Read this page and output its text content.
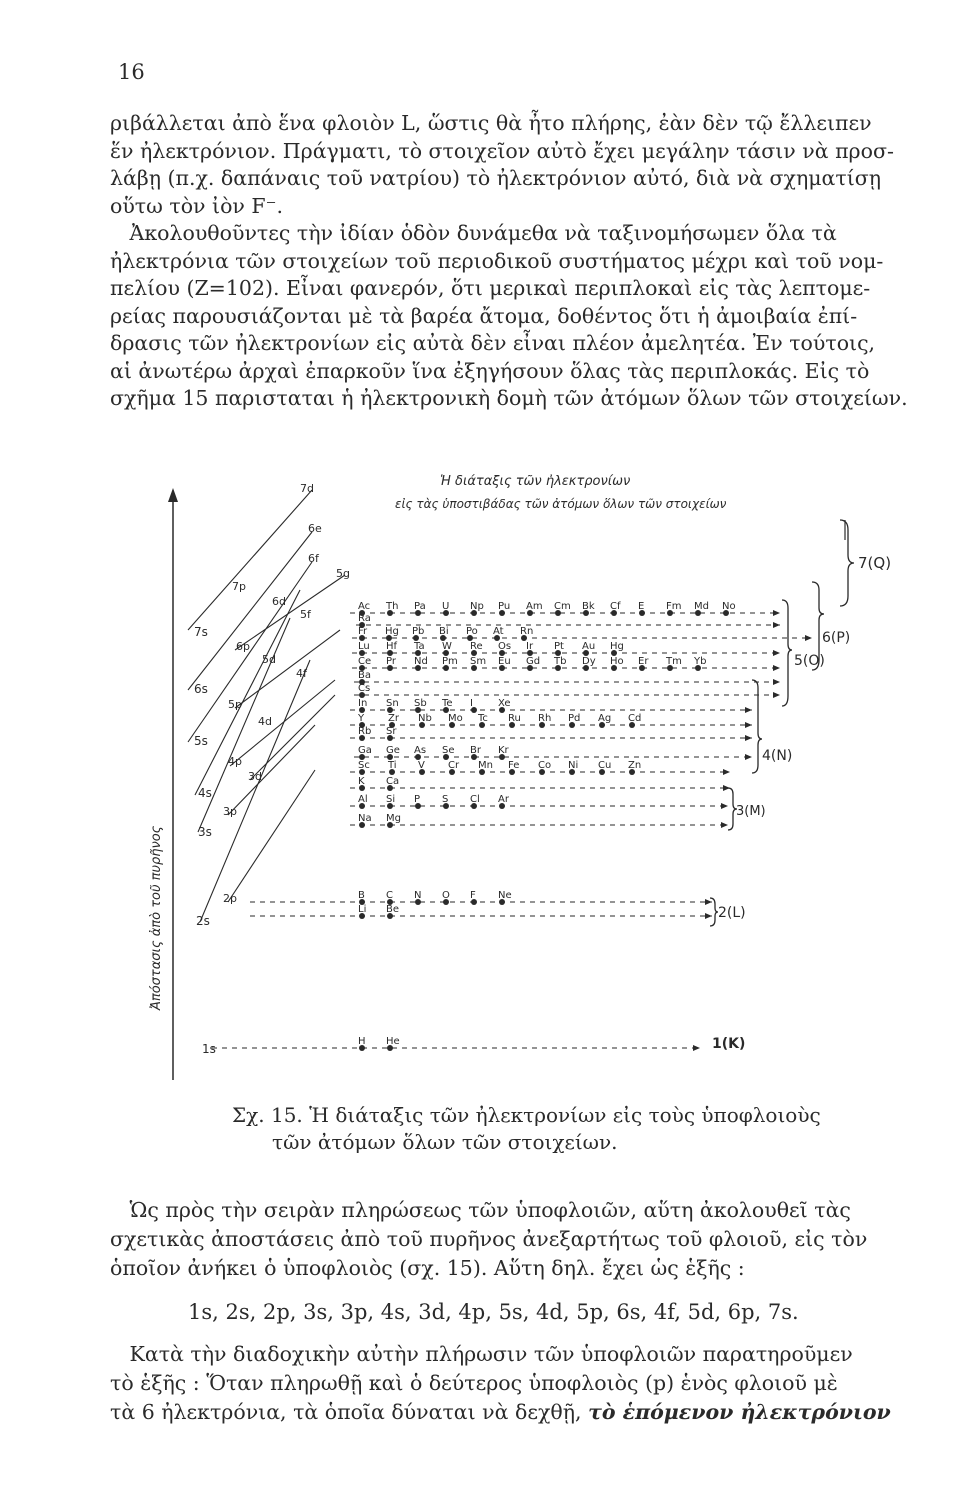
16
ριβάλλεται ἀπὸ ἕνα φλοιὸν L, ὥστις θὰ ἦτο πλήρης, ἐὰν δὲν τῷ ἔλλειπεν
ἕν ἠλεκτρόνιον. Πράγματι, τὸ στοιχεῖον αὐτὸ ἔχει μεγάλην τάσιν νὰ προσ-
λάβῃ (π.χ. δαπάναις τοῦ νατρίου) τὸ ἠλεκτρόνιον αὐτό, διὰ νὰ σχηματίσῃ
οὕτω τὸν ἰὸν F⁻.
Ἀκολουθοῦντες τὴν ἰδίαν ὁδὸν δυνάμεθα νὰ ταξινομήσωμεν ὅλα τὰ
ἠλεκτρόνια τῶν στοιχείων τοῦ περιοδικοῦ συστήματος μέχρι καὶ τοῦ νομ-
πελίου (Z=102). Εἶναι φανερόν, ὅτι μερικαὶ περιπλοκαὶ εἰς τὰς λεπτομε-
ρείας παρουσιάζονται μὲ τὰ βαρέα ἄτομα, δοθέντος ὅτι ἡ ἀμοιβαία ἐπί-
δρασις τῶν ἠλεκτρονίων εἰς αὐτὰ δὲν εἶναι πλέον ἀμελητέα. Ἐν τούτοις,
αἱ ἀνωτέρω ἀρχαὶ ἐπαρκοῦν ἵνα ἐξηγήσουν ὅλας τὰς περιπλοκάς. Εἰς τὸ
σχῆμα 15 παρισταται ἡ ἠλεκτρονικὴ δομὴ τῶν ἀτόμων ὅλων τῶν στοιχείων.
Ἡ διάταξις τῶν ἠλεκτρονίων
εἰς τὰς ὑποστιβάδας τῶν ἀτόμων ὅλων τῶν στοιχείων
Ἀπόστασις ἀπὸ τοῦ πυρῆνος
Ac Th Pa U Np Pu Am Cm Bk Cf E Fm Md No
Ra
Fr Hg Pb Bi Po At Rn
Lu Hf Ta W Re Os Ir Pt Au Hg
Ce Pr Nd Pm Sm Eu Gd Tb Dy Ho Er Tm Yb
Ba
Cs
In Sn Sb Te I	Xe
Y Zr Nb Mo Tc Ru Rh Pd Ag Cd
Rb Sr
Ga Ge As Se Br Kr
Sc Ti V Cr Mn Fe Co Ni Cu Zn
K Ca
Al Si P S Cl Ar
Na Mg
B C N O F Ne
Li Be
H He
7s
6s
5s
4s
3s
2s
1s
7d
6e
6f
5g
6d
5f
7p
6p
5d
4f
5p
4d
4p
3d
3p
2p
7(Q)
6(P)
5(O)
4(N)
3(M)
2(L)
1(K)
Σχ. 15. Ἡ διάταξις τῶν ἠλεκτρονίων εἰς τοὺς ὑποφλοιοὺς
τῶν ἀτόμων ὅλων τῶν στοιχείων.
Ὡς πρὸς τὴν σειρὰν πληρώσεως τῶν ὑποφλοιῶν, αὕτη ἀκολουθεῖ τὰς
σχετικὰς ἀποστάσεις ἀπὸ τοῦ πυρῆνος ἀνεξαρτήτως τοῦ φλοιοῦ, εἰς τὸν
ὁποῖον ἀνήκει ὁ ὑποφλοιὸς (σχ. 15). Αὕτη δηλ. ἔχει ὡς ἑξῆς :
1s, 2s, 2p, 3s, 3p, 4s, 3d, 4p, 5s, 4d, 5p, 6s, 4f, 5d, 6p, 7s.
Κατὰ τὴν διαδοχικὴν αὐτὴν πλήρωσιν τῶν ὑποφλοιῶν παρατηροῦμεν
τὸ ἑξῆς : Ὅταν πληρωθῇ καὶ ὁ δεύτερος ὑποφλοιὸς (p) ἑνὸς φλοιοῦ μὲ
τὰ 6 ἠλεκτρόνια, τὰ ὁποῖα δύναται νὰ δεχθῇ, τὸ ἑπόμενον ἠλεκτρόνιον
